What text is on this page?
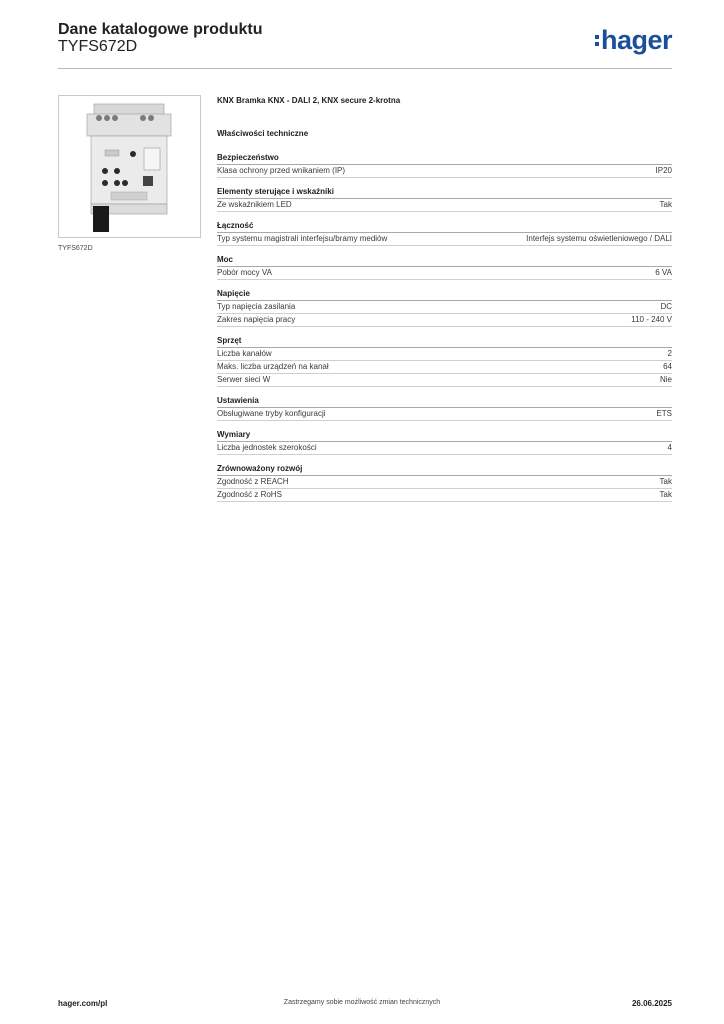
Dane katalogowe produktu
TYFS672D	hager
TYFS672D
KNX Bramka KNX - DALI 2, KNX secure 2-krotna
Właściwości techniczne
Bezpieczeństwo
Klasa ochrony przed wnikaniem (IP)	IP20
Elementy sterujące i wskaźniki
Ze wskaźnikiem LED	Tak
Łączność
Typ systemu magistrali interfejsu/bramy mediów	Interfejs systemu oświetleniowego / DALI
Moc
Pobór mocy VA	6 VA
Napięcie
Typ napięcia zasilania	DC
Zakres napięcia pracy	110 - 240 V
Sprzęt
Liczba kanałów	2
Maks. liczba urządzeń na kanał	64
Serwer sieci W	Nie
Ustawienia
Obsługiwane tryby konfiguracji	ETS
Wymiary
Liczba jednostek szerokości	4
Zrównoważony rozwój
Zgodność z REACH	Tak
Zgodność z RoHS	Tak
hager.com/pl	Zastrzegamy sobie możliwość zmian technicznych	26.06.2025
